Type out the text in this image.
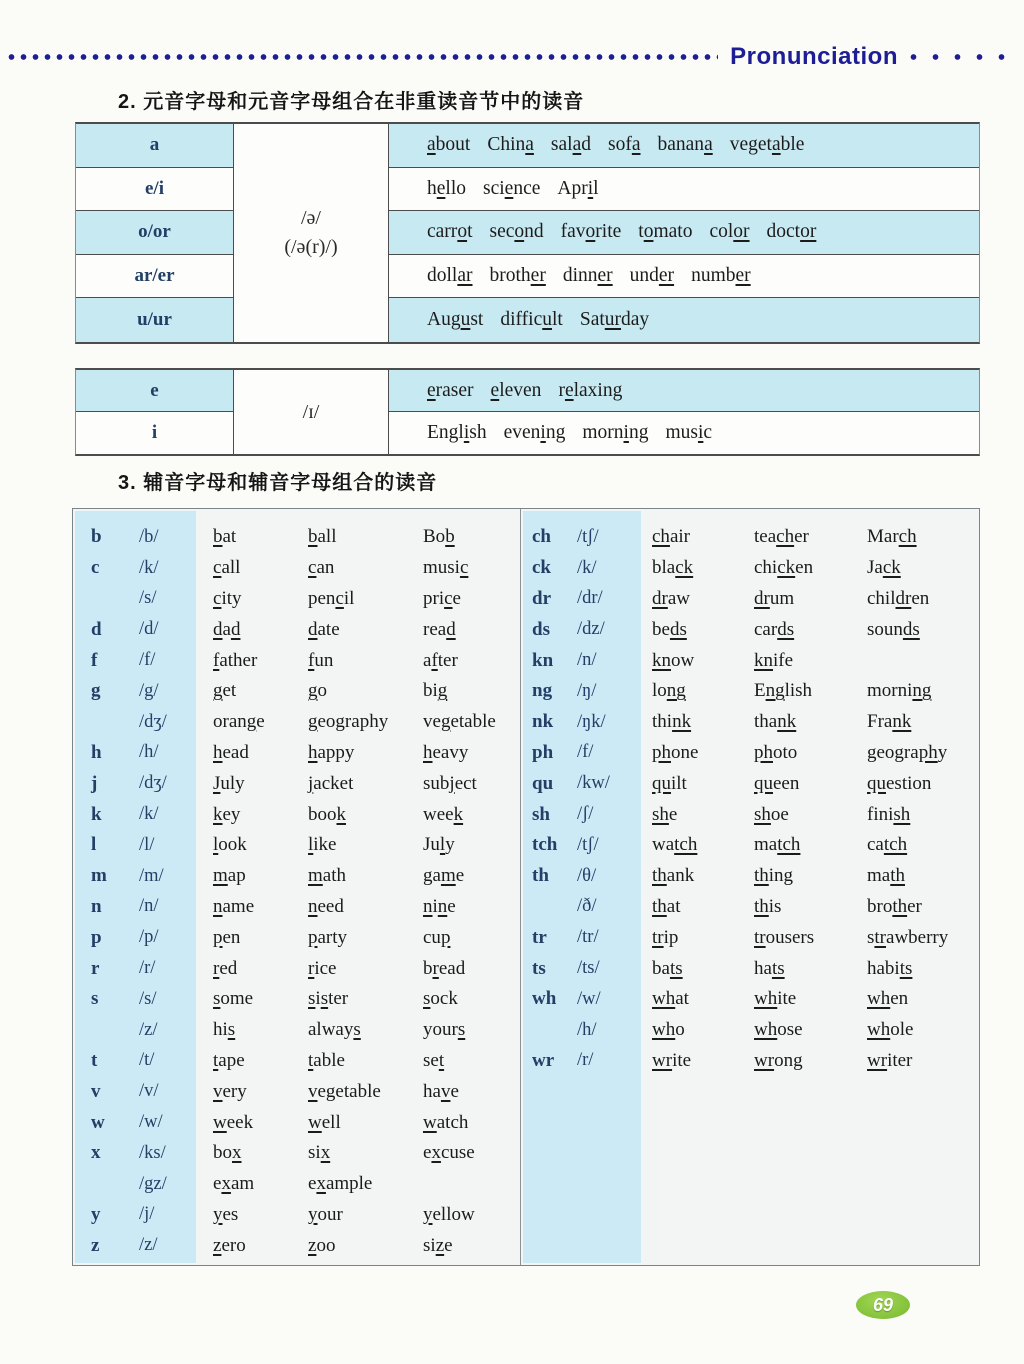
Pronunciation
2. 元音字母和元音字母组合在非重读音节中的读音
a	about China salad sofa banana vegetable
e/i	hello science April
o/or	carrot second favorite tomato color doctor
ar/er	dollar brother dinner under number
u/ur	August difficult Saturday
/ə/
(/ə(r)/)
e	eraser eleven relaxing
i	English evening morning music
/ɪ/
3. 辅音字母和辅音字母组合的读音
b	/b/	bat	ball	Bob
c	/k/	call	can	music
/s/	city	pencil	price
d	/d/	dad	date	read
f	/f/	father	fun	after
g	/g/	get	go	big
/dʒ/	orange	geography	vegetable
h	/h/	head	happy	heavy
j	/dʒ/	July	jacket	subject
k	/k/	key	book	week
l	/l/	look	like	July
m	/m/	map	math	game
n	/n/	name	need	nine
p	/p/	pen	party	cup
r	/r/	red	rice	bread
s	/s/	some	sister	sock
/z/	his	always	yours
t	/t/	tape	table	set
v	/v/	very	vegetable	have
w	/w/	week	well	watch
x	/ks/	box	six	excuse
/gz/	exam	example
y	/j/	yes	your	yellow
z	/z/	zero	zoo	size
ch	/tʃ/	chair	teacher	March
ck	/k/	black	chicken	Jack
dr	/dr/	draw	drum	children
ds	/dz/	beds	cards	sounds
kn	/n/	know	knife
ng	/ŋ/	long	English	morning
nk	/ŋk/	think	thank	Frank
ph	/f/	phone	photo	geography
qu	/kw/	quilt	queen	question
sh	/ʃ/	she	shoe	finish
tch	/tʃ/	watch	match	catch
th	/θ/	thank	thing	math
/ð/	that	this	brother
tr	/tr/	trip	trousers	strawberry
ts	/ts/	bats	hats	habits
wh	/w/	what	white	when
/h/	who	whose	whole
wr	/r/	write	wrong	writer
69
